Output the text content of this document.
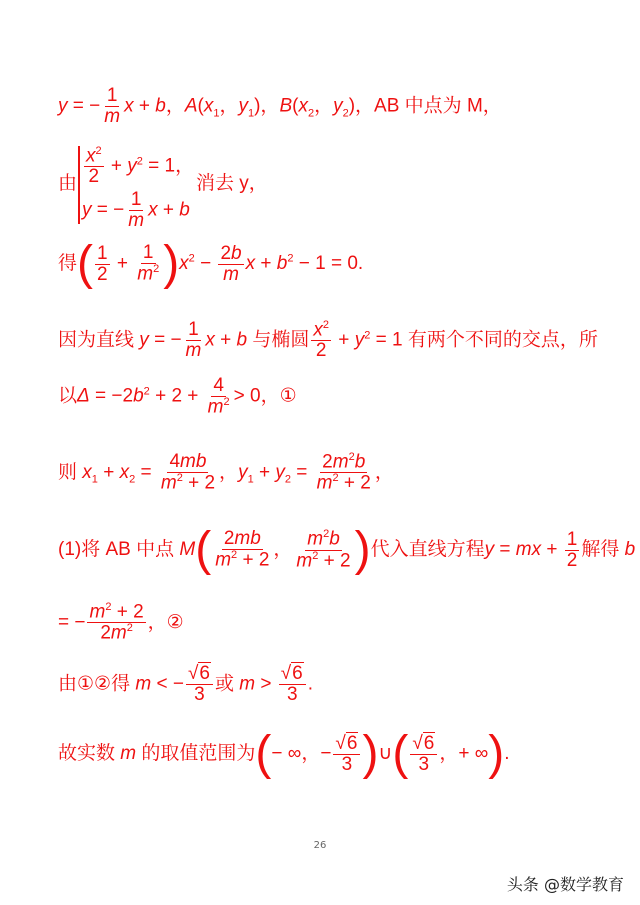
y = − $\frac{1}{m}$ x + b，$A(x_1$，$y_1$)，$B(x_2$，$y_2$)，AB 中点为 M，
由 $\frac{x^2}{2} + y^2 = 1$，
y = − $\frac{1}{m}$ x + b
消去 y，
得( $\frac{1}{2} + \frac{1}{m^2} )x^2 - \frac{2b}{m}$ $x + b^2 - 1 = 0$.
因为直线 y = − $\frac{1}{m}$ x + b 与椭圆 $\frac{x^2}{2} + y^2 = 1$ 有两个不同的交点，所
以$\Delta = -2b^2 + 2 + \frac{4}{m^2} > 0$，①
则 $x_1 + x_2 = \frac{4mb}{m^2 + 2}$ ，$y_1 + y_2 = \frac{2m^2b}{m^2 + 2}$ ，
(1)将 AB 中点 $M( \frac{2mb}{m^2 + 2}$ ， $\frac{m^2b}{m^2 + 2}$ )代入直线方程y = mx + $\frac{1}{2}$ 解得 b
= − $\frac{m^2 + 2}{2m^2}$ ，②
由①②得 m < − $\frac{√6}{3}$ 或 $m > \frac{√6}{3}$ .
故实数 m 的取值范围为(− ∞，− $\frac{√6}{3}$ )∪( $\frac{√6}{3}$ ，+ ∞).
26
头条 @数学教育
